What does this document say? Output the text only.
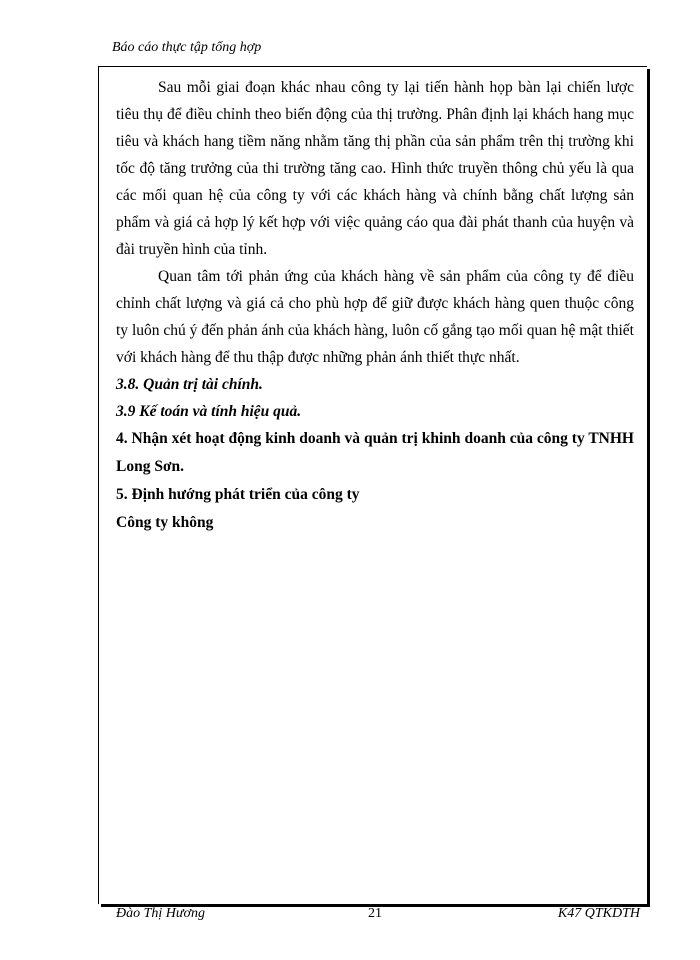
Báo cáo thực tập tổng hợp

Sau mỗi giai đoạn khác nhau công ty lại tiến hành họp bàn lại chiến lược tiêu thụ để điều chỉnh theo biến động của thị trường. Phân định lại khách hang mục tiêu và khách hang tiềm năng nhằm tăng thị phần của sản phẩm trên thị trường khi tốc độ tăng trưởng của thi trường tăng cao. Hình thức truyền thông chủ yếu là qua các mối quan hệ của công ty với các khách hàng và chính bằng chất lượng sản phẩm và giá cả hợp lý kết hợp với việc quảng cáo qua đài phát thanh của huyện và đài truyền hình của tỉnh.

Quan tâm tới phản ứng của khách hàng về sản phẩm của công ty để điều chỉnh chất lượng và giá cả cho phù hợp để giữ được khách hàng quen thuộc công ty luôn chú ý đến phản ánh của khách hàng, luôn cố gắng tạo mối quan hệ mật thiết với khách hàng để thu thập được những phản ánh thiết thực nhất.

3.8. Quản trị tài chính.

3.9 Kế toán và tính hiệu quả.

4. Nhận xét hoạt động kinh doanh và quản trị khinh doanh của công ty TNHH Long Sơn.

5. Định hướng phát triển của công ty

Công ty không

Đào Thị Hương	21	K47 QTKDTH
